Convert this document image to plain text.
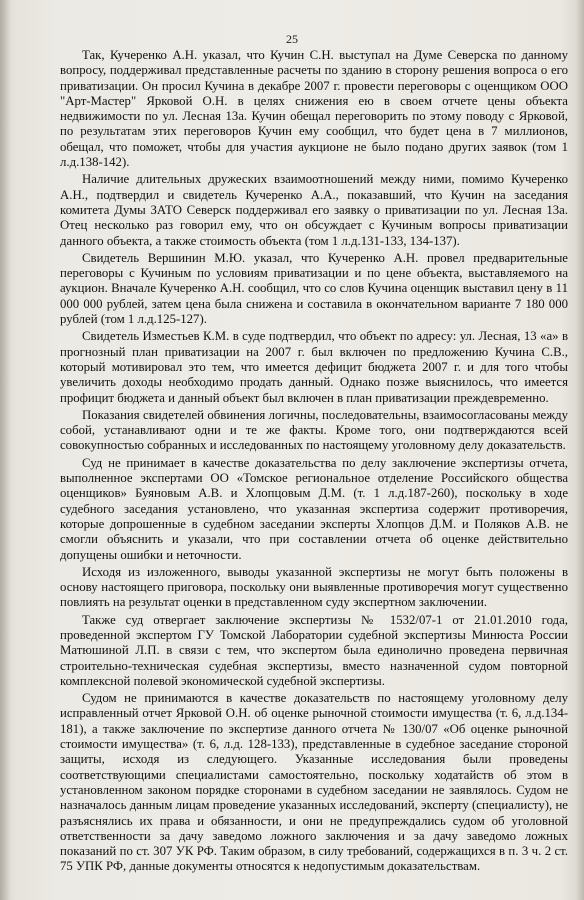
25

Так, Кучеренко А.Н. указал, что Кучин С.Н. выступал на Думе Северска по данному вопросу, поддерживал представленные расчеты по зданию в сторону решения вопроса о его приватизации. Он просил Кучина в декабре 2007 г. провести переговоры с оценщиком ООО "Арт-Мастер" Ярковой О.Н. в целях снижения ею в своем отчете цены объекта недвижимости по ул. Лесная 13а. Кучин обещал переговорить по этому поводу с Ярковой, по результатам этих переговоров Кучин ему сообщил, что будет цена в 7 миллионов, обещал, что поможет, чтобы для участия аукционе не было подано других заявок (том 1 л.д.138-142).

Наличие длительных дружеских взаимоотношений между ними, помимо Кучеренко А.Н., подтвердил и свидетель Кучеренко А.А., показавший, что Кучин на заседания комитета Думы ЗАТО Северск поддерживал его заявку о приватизации по ул. Лесная 13а. Отец несколько раз говорил ему, что он обсуждает с Кучиным вопросы приватизации данного объекта, а также стоимость объекта (том 1 л.д.131-133, 134-137).

Свидетель Вершинин М.Ю. указал, что Кучеренко А.Н. провел предварительные переговоры с Кучиным по условиям приватизации и по цене объекта, выставляемого на аукцион. Вначале Кучеренко А.Н. сообщил, что со слов Кучина оценщик выставил цену в 11 000 000 рублей, затем цена была снижена и составила в окончательном варианте 7 180 000 рублей (том 1 л.д.125-127).

Свидетель Изместьев К.М. в суде подтвердил, что объект по адресу: ул. Лесная, 13 «а» в прогнозный план приватизации на 2007 г. был включен по предложению Кучина С.В., который мотивировал это тем, что имеется дефицит бюджета 2007 г. и для того чтобы увеличить доходы необходимо продать данный. Однако позже выяснилось, что имеется профицит бюджета и данный объект был включен в план приватизации преждевременно.

Показания свидетелей обвинения логичны, последовательны, взаимосогласованы между собой, устанавливают одни и те же факты. Кроме того, они подтверждаются всей совокупностью собранных и исследованных по настоящему уголовному делу доказательств.

Суд не принимает в качестве доказательства по делу заключение экспертизы отчета, выполненное экспертами ОО «Томское региональное отделение Российского общества оценщиков» Буяновым А.В. и Хлопцовым Д.М. (т. 1 л.д.187-260), поскольку в ходе судебного заседания установлено, что указанная экспертиза содержит противоречия, которые допрошенные в судебном заседании эксперты Хлопцов Д.М. и Поляков А.В. не смогли объяснить и указали, что при составлении отчета об оценке действительно допущены ошибки и неточности.

Исходя из изложенного, выводы указанной экспертизы не могут быть положены в основу настоящего приговора, поскольку они выявленные противоречия могут существенно повлиять на результат оценки в представленном суду экспертном заключении.

Также суд отвергает заключение экспертизы № 1532/07-1 от 21.01.2010 года, проведенной экспертом ГУ Томской Лаборатории судебной экспертизы Минюста России Матюшиной Л.П. в связи с тем, что экспертом была единолично проведена первичная строительно-техническая судебная экспертизы, вместо назначенной судом повторной комплексной полевой экономической судебной экспертизы.

Судом не принимаются в качестве доказательств по настоящему уголовному делу исправленный отчет Ярковой О.Н. об оценке рыночной стоимости имущества (т. 6, л.д.134-181), а также заключение по экспертизе данного отчета № 130/07 «Об оценке рыночной стоимости имущества» (т. 6, л.д. 128-133), представленные в судебное заседание стороной защиты, исходя из следующего. Указанные исследования были проведены соответствующими специалистами самостоятельно, поскольку ходатайств об этом в установленном законом порядке сторонами в судебном заседании не заявлялось. Судом не назначалось данным лицам проведение указанных исследований, эксперту (специалисту), не разъяснялись их права и обязанности, и они не предупреждались судом об уголовной ответственности за дачу заведомо ложного заключения и за дачу заведомо ложных показаний по ст. 307 УК РФ. Таким образом, в силу требований, содержащихся в п. 3 ч. 2 ст. 75 УПК РФ, данные документы относятся к недопустимым доказательствам.
